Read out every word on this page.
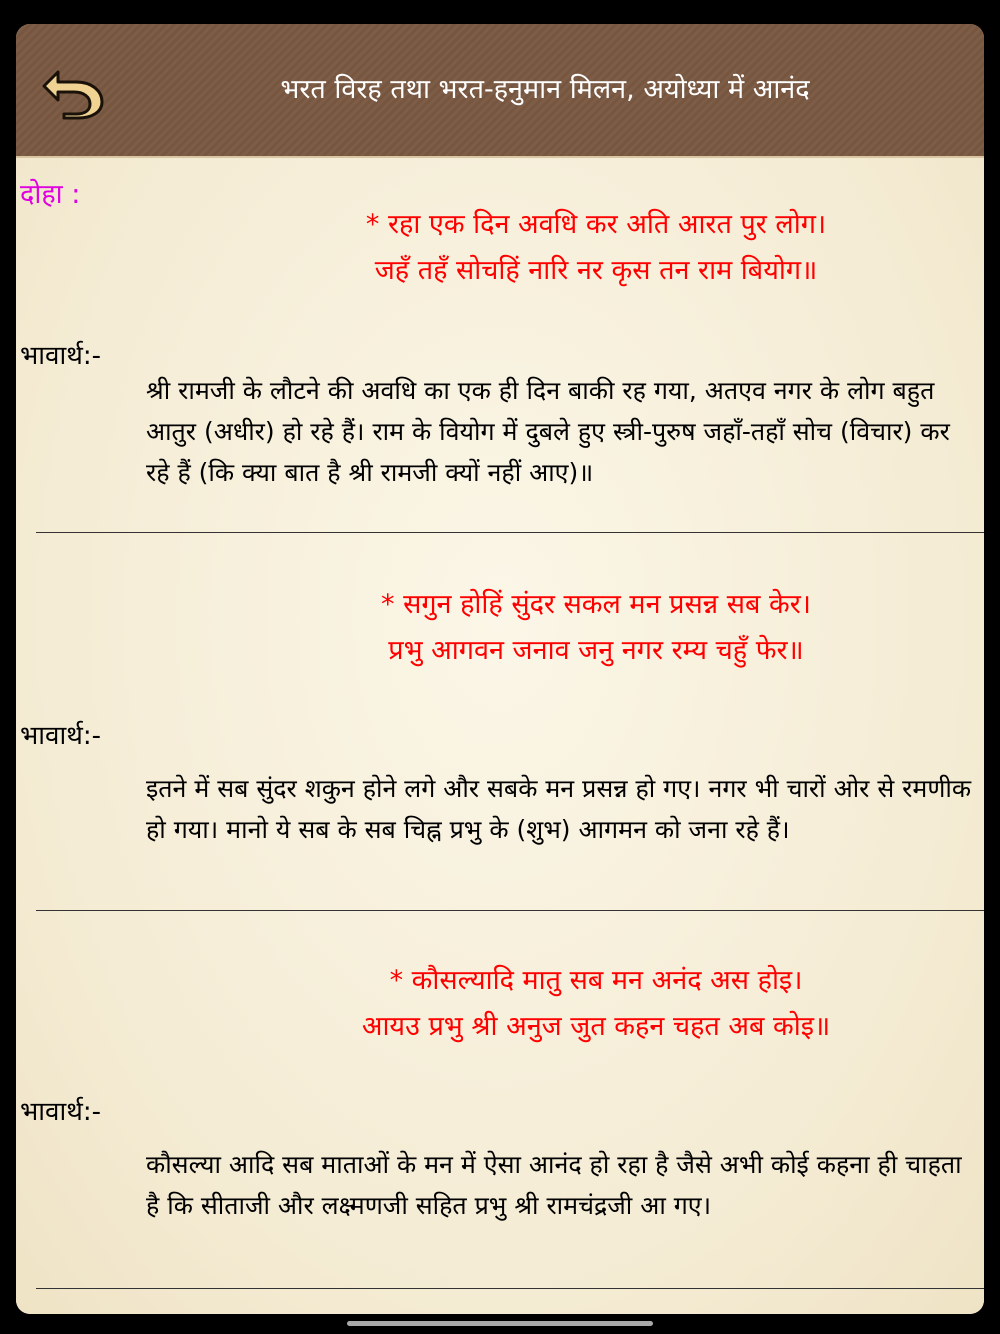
भरत विरह तथा भरत-हनुमान मिलन, अयोध्या में आनंद
दोहा :
* रहा एक दिन अवधि कर अति आरत पुर लोग।
जहँ तहँ सोचहिं नारि नर कृस तन राम बियोग॥
भावार्थ:-
श्री रामजी के लौटने की अवधि का एक ही दिन बाकी रह गया, अतएव नगर के लोग बहुत आतुर (अधीर) हो रहे हैं। राम के वियोग में दुबले हुए स्त्री-पुरुष जहाँ-तहाँ सोच (विचार) कर रहे हैं (कि क्या बात है श्री रामजी क्यों नहीं आए)॥
* सगुन होहिं सुंदर सकल मन प्रसन्न सब केर।
प्रभु आगवन जनाव जनु नगर रम्य चहुँ फेर॥
भावार्थ:-
इतने में सब सुंदर शकुन होने लगे और सबके मन प्रसन्न हो गए। नगर भी चारों ओर से रमणीक हो गया। मानो ये सब के सब चिह्न प्रभु के (शुभ) आगमन को जना रहे हैं।
* कौसल्यादि मातु सब मन अनंद अस होइ।
आयउ प्रभु श्री अनुज जुत कहन चहत अब कोइ॥
भावार्थ:-
कौसल्या आदि सब माताओं के मन में ऐसा आनंद हो रहा है जैसे अभी कोई कहना ही चाहता है कि सीताजी और लक्ष्मणजी सहित प्रभु श्री रामचंद्रजी आ गए।
